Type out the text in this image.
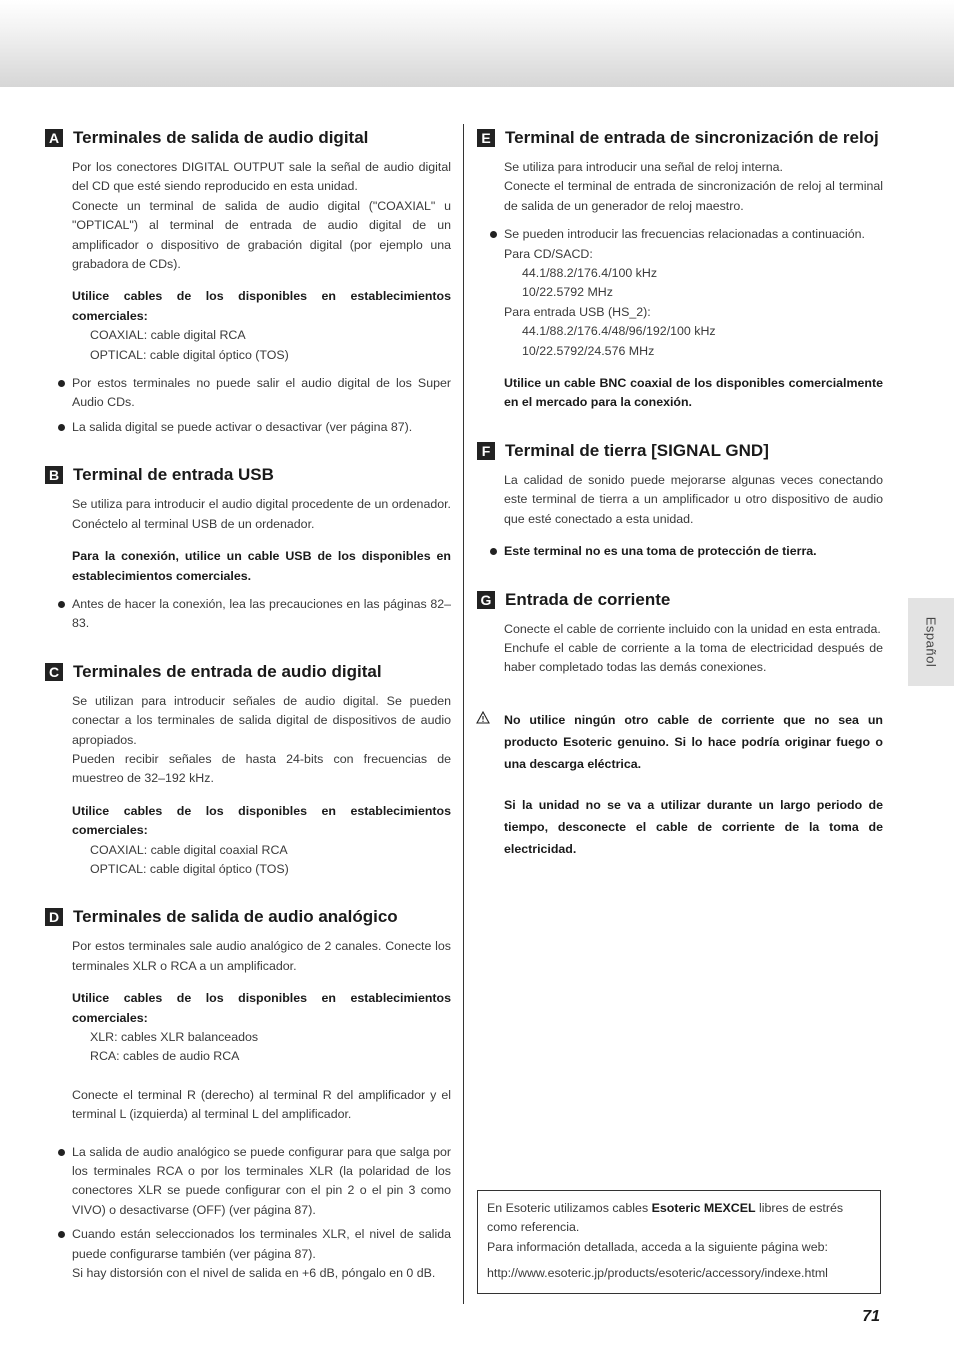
A Terminales de salida de audio digital

Por los conectores DIGITAL OUTPUT sale la señal de audio digital del CD que esté siendo reproducido en esta unidad.

Conecte un terminal de salida de audio digital ("COAXIAL" u "OPTICAL") al terminal de entrada de audio digital de un amplificador o dispositivo de grabación digital (por ejemplo una grabadora de CDs).

Utilice cables de los disponibles en establecimientos comerciales:

COAXIAL: cable digital RCA
OPTICAL: cable digital óptico (TOS)
Por estos terminales no puede salir el audio digital de los Super Audio CDs.
La salida digital se puede activar o desactivar (ver página 87).
B Terminal de entrada USB

Se utiliza para introducir el audio digital procedente de un ordenador. Conéctelo al terminal USB de un ordenador.

Para la conexión, utilice un cable USB de los disponibles en establecimientos comerciales.

Antes de hacer la conexión, lea las precauciones en las páginas 82–83.
C Terminales de entrada de audio digital

Se utilizan para introducir señales de audio digital. Se pueden conectar a los terminales de salida digital de dispositivos de audio apropiados.

Pueden recibir señales de hasta 24-bits con frecuencias de muestreo de 32–192 kHz.

Utilice cables de los disponibles en establecimientos comerciales:

COAXIAL: cable digital coaxial RCA
OPTICAL: cable digital óptico (TOS)
D Terminales de salida de audio analógico

Por estos terminales sale audio analógico de 2 canales. Conecte los terminales XLR o RCA a un amplificador.

Utilice cables de los disponibles en establecimientos comerciales:

XLR: cables XLR balanceados
RCA: cables de audio RCA

Conecte el terminal R (derecho) al terminal R del amplificador y el terminal L (izquierda) al terminal L del amplificador.

La salida de audio analógico se puede configurar para que salga por los terminales RCA o por los terminales XLR (la polaridad de los conectores XLR se puede configurar con el pin 2 o el pin 3 como VIVO) o desactivarse (OFF) (ver página 87).
Cuando están seleccionados los terminales XLR, el nivel de salida puede configurarse también (ver página 87).
Si hay distorsión con el nivel de salida en +6 dB, póngalo en 0 dB.
E Terminal de entrada de sincronización de reloj

Se utiliza para introducir una señal de reloj interna.

Conecte el terminal de entrada de sincronización de reloj al terminal de salida de un generador de reloj maestro.

Se pueden introducir las frecuencias relacionadas a continuación.
Para CD/SACD:
44.1/88.2/176.4/100 kHz
10/22.5792 MHz
Para entrada USB (HS_2):
44.1/88.2/176.4/48/96/192/100 kHz
10/22.5792/24.576 MHz

Utilice un cable BNC coaxial de los disponibles comercialmente en el mercado para la conexión.

F Terminal de tierra [SIGNAL GND]

La calidad de sonido puede mejorarse algunas veces conectando este terminal de tierra a un amplificador u otro dispositivo de audio que esté conectado a esta unidad.

Este terminal no es una toma de protección de tierra.
G Entrada de corriente

Conecte el cable de corriente incluido con la unidad en esta entrada.

Enchufe el cable de corriente a la toma de electricidad después de haber completado todas las demás conexiones.

No utilice ningún otro cable de corriente que no sea un producto Esoteric genuino. Si lo hace podría originar fuego o una descarga eléctrica.

Si la unidad no se va a utilizar durante un largo periodo de tiempo, desconecte el cable de corriente de la toma de electricidad.

Español

En Esoteric utilizamos cables Esoteric MEXCEL libres de estrés como referencia.

Para información detallada, acceda a la siguiente página web:

http://www.esoteric.jp/products/esoteric/accessory/indexe.html

71
